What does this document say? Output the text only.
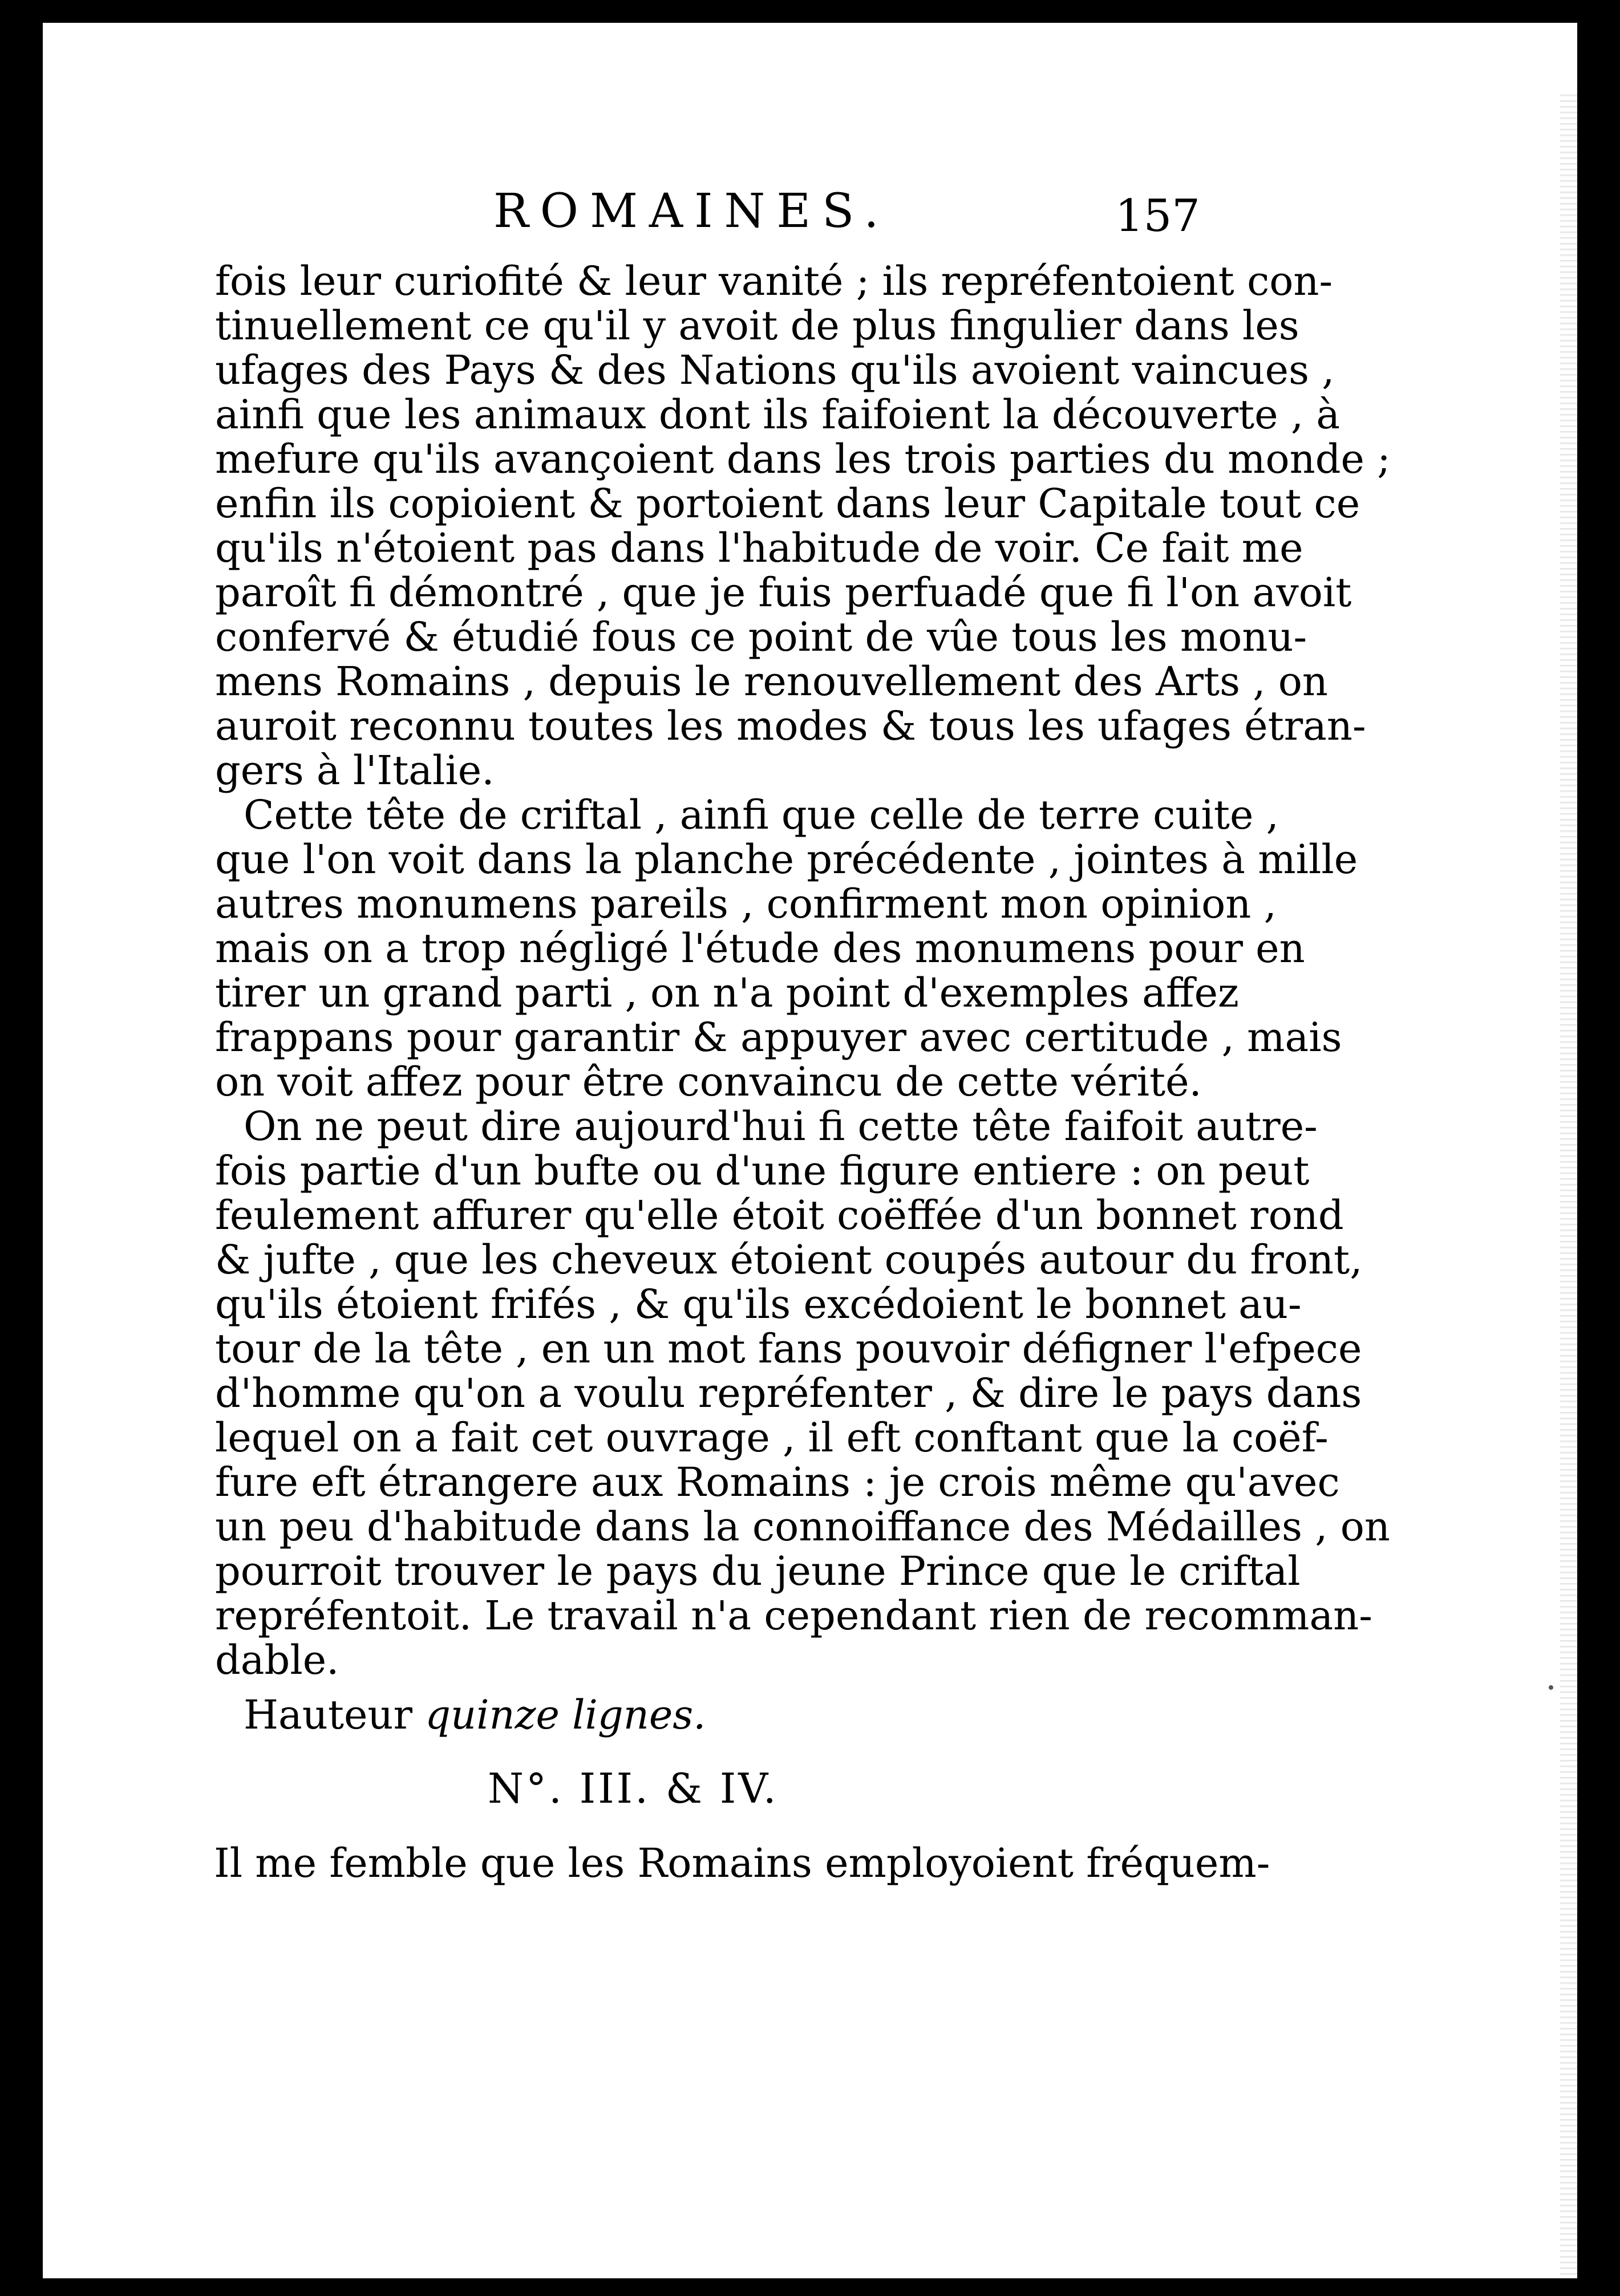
ROMAINES.	157
fois leur curiofité & leur vanité ; ils repréfentoient con-
tinuellement ce qu'il y avoit de plus fingulier dans les
ufages des Pays & des Nations qu'ils avoient vaincues ,
ainfi que les animaux dont ils faifoient la découverte , à
mefure qu'ils avançoient dans les trois parties du monde ;
enfin ils copioient & portoient dans leur Capitale tout ce
qu'ils n'étoient pas dans l'habitude de voir. Ce fait me
paroît fi démontré , que je fuis perfuadé que fi l'on avoit
confervé & étudié fous ce point de vûe tous les monu-
mens Romains , depuis le renouvellement des Arts , on
auroit reconnu toutes les modes & tous les ufages étran-
gers à l'Italie.
Cette tête de criftal , ainfi que celle de terre cuite ,
que l'on voit dans la planche précédente , jointes à mille
autres monumens pareils , confirment mon opinion ,
mais on a trop négligé l'étude des monumens pour en
tirer un grand parti , on n'a point d'exemples affez
frappans pour garantir & appuyer avec certitude , mais
on voit affez pour être convaincu de cette vérité.
On ne peut dire aujourd'hui fi cette tête faifoit autre-
fois partie d'un bufte ou d'une figure entiere : on peut
feulement affurer qu'elle étoit coëffée d'un bonnet rond
& jufte , que les cheveux étoient coupés autour du front,
qu'ils étoient frifés , & qu'ils excédoient le bonnet au-
tour de la tête , en un mot fans pouvoir défigner l'efpece
d'homme qu'on a voulu repréfenter , & dire le pays dans
lequel on a fait cet ouvrage , il eft conftant que la coëf-
fure eft étrangere aux Romains : je crois même qu'avec
un peu d'habitude dans la connoiffance des Médailles , on
pourroit trouver le pays du jeune Prince que le criftal
repréfentoit. Le travail n'a cependant rien de recomman-
dable.
Hauteur quinze lignes.
N°. III. & IV.
Il me femble que les Romains employoient fréquem-
